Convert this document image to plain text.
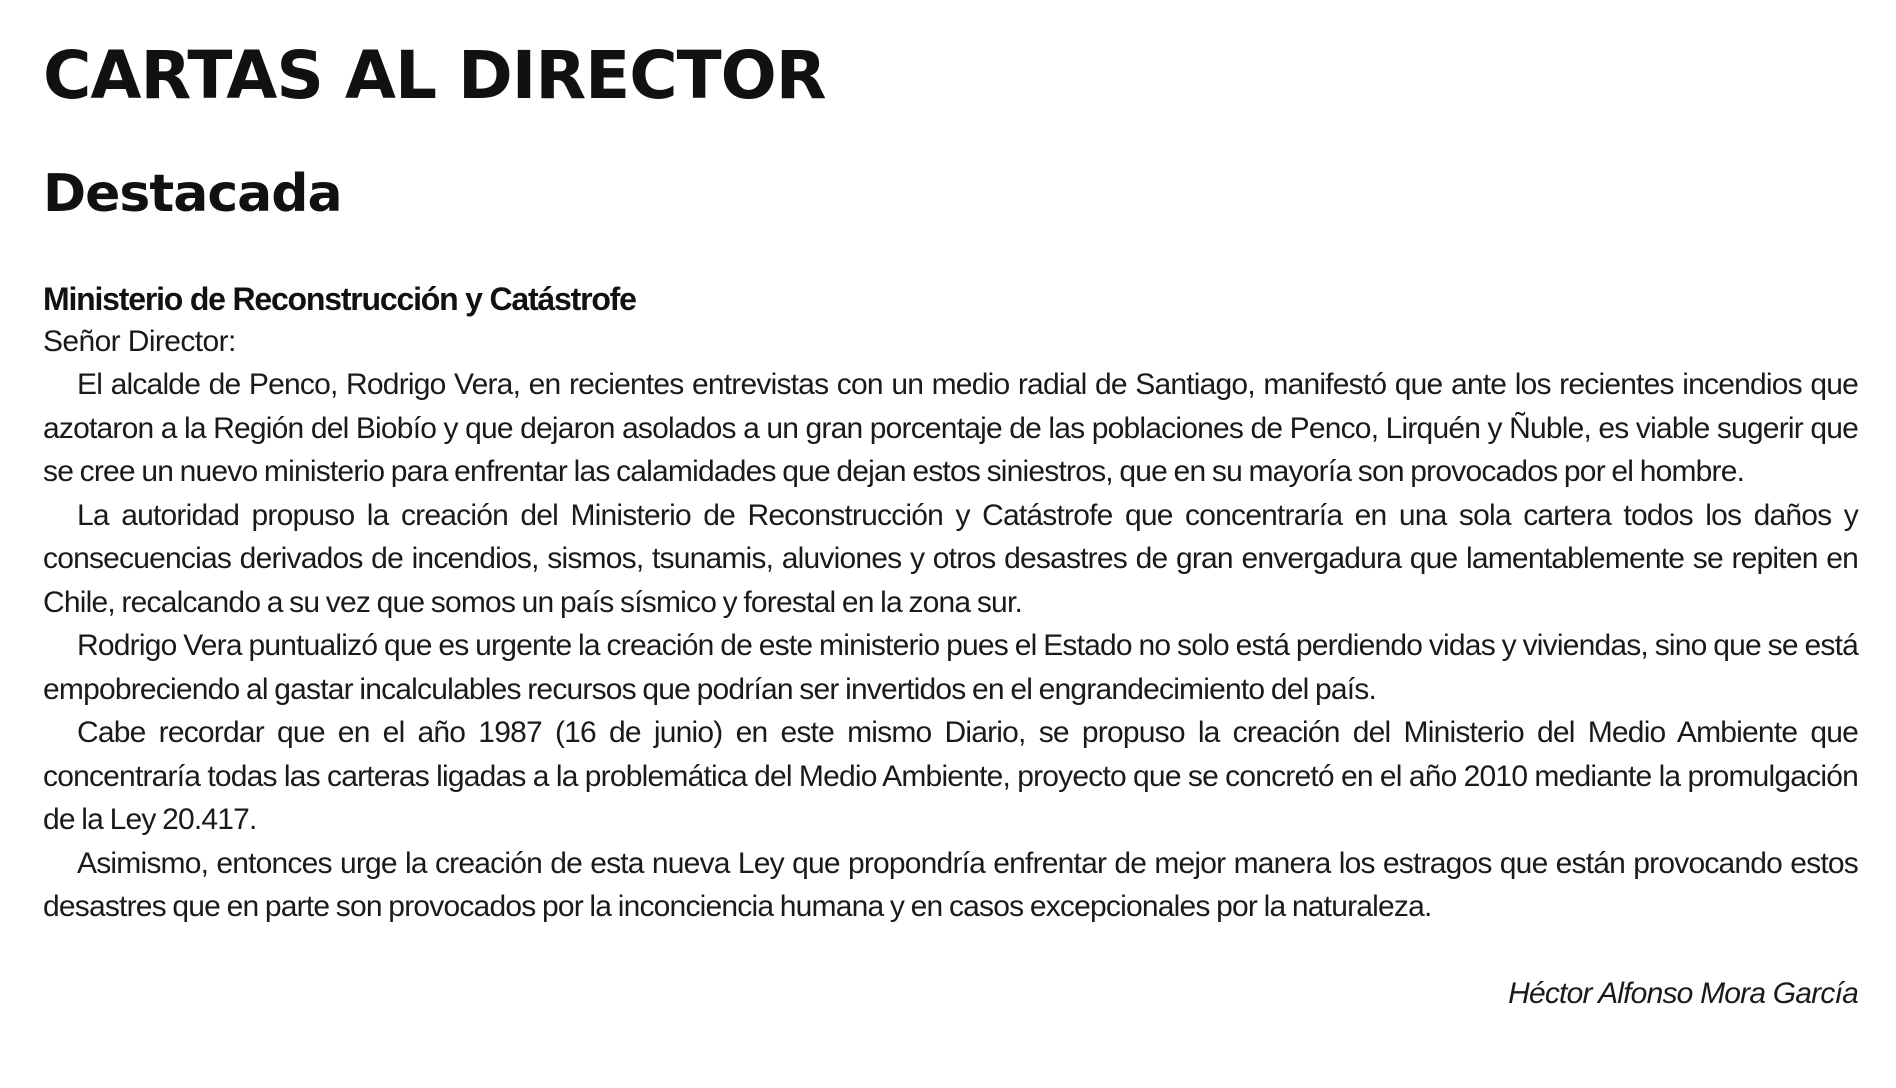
CARTAS AL DIRECTOR
Destacada
Ministerio de Reconstrucción y Catástrofe

Señor Director:

El alcalde de Penco, Rodrigo Vera, en recientes entrevistas con un medio radial de Santiago, manifestó que ante los recientes incendios que azotaron a la Región del Biobío y que dejaron asolados a un gran porcentaje de las poblaciones de Penco, Lirquén y Ñuble, es viable sugerir que se cree un nuevo ministerio para enfrentar las calamidades que dejan estos siniestros, que en su mayoría son provocados por el hombre.

La autoridad propuso la creación del Ministerio de Reconstrucción y Catástrofe que concentraría en una sola cartera todos los daños y consecuencias derivados de incendios, sismos, tsunamis, aluviones y otros desastres de gran envergadura que lamentablemente se repiten en Chile, recalcando a su vez que somos un país sísmico y forestal en la zona sur.

Rodrigo Vera puntualizó que es urgente la creación de este ministerio pues el Estado no solo está perdiendo vidas y viviendas, sino que se está empobreciendo al gastar incalculables recursos que podrían ser invertidos en el engrandecimiento del país.

Cabe recordar que en el año 1987 (16 de junio) en este mismo Diario, se propuso la creación del Ministerio del Medio Ambiente que concentraría todas las carteras ligadas a la problemática del Medio Ambiente, proyecto que se concretó en el año 2010 mediante la promulgación de la Ley 20.417.

Asimismo, entonces urge la creación de esta nueva Ley que propondría enfrentar de mejor manera los estragos que están provocando estos desastres que en parte son provocados por la inconciencia humana y en casos excepcionales por la naturaleza.

Héctor Alfonso Mora García
